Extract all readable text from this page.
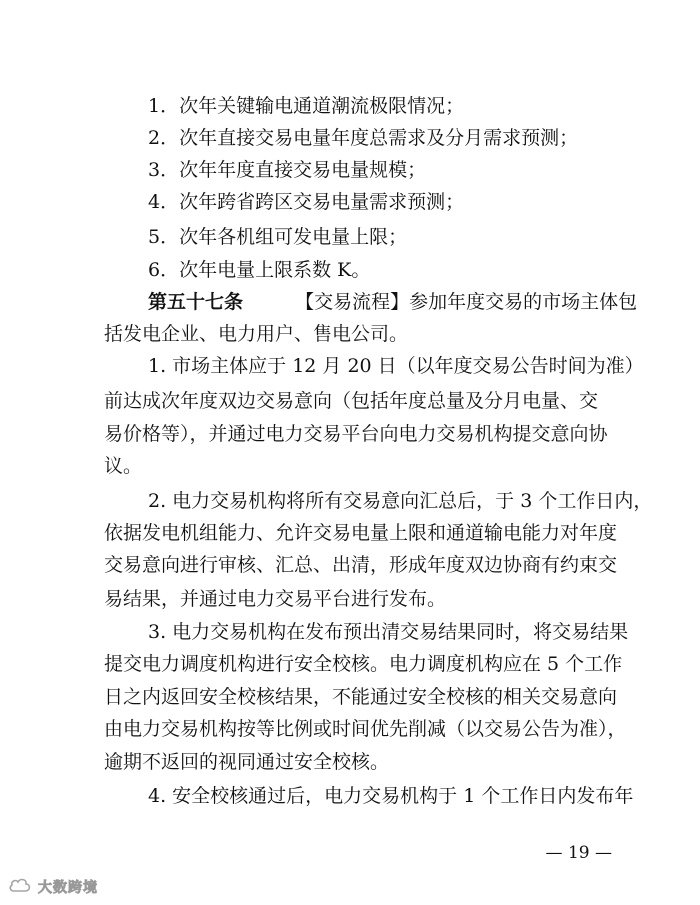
1．次年关键输电通道潮流极限情况；
2．次年直接交易电量年度总需求及分月需求预测；
3．次年年度直接交易电量规模；
4．次年跨省跨区交易电量需求预测；
5．次年各机组可发电量上限；
6．次年电量上限系数 K。
第五十七条	【交易流程】参加年度交易的市场主体包
括发电企业、电力用户、售电公司。
1. 市场主体应于 12 月 20 日（以年度交易公告时间为准）
前达成次年度双边交易意向（包括年度总量及分月电量、交
易价格等），并通过电力交易平台向电力交易机构提交意向协
议。
2. 电力交易机构将所有交易意向汇总后，于 3 个工作日内，
依据发电机组能力、允许交易电量上限和通道输电能力对年度
交易意向进行审核、汇总、出清，形成年度双边协商有约束交
易结果，并通过电力交易平台进行发布。
3. 电力交易机构在发布预出清交易结果同时，将交易结果
提交电力调度机构进行安全校核。电力调度机构应在 5 个工作
日之内返回安全校核结果，不能通过安全校核的相关交易意向
由电力交易机构按等比例或时间优先削减（以交易公告为准），
逾期不返回的视同通过安全校核。
4. 安全校核通过后，电力交易机构于 1 个工作日内发布年
— 19 —
大数跨境
